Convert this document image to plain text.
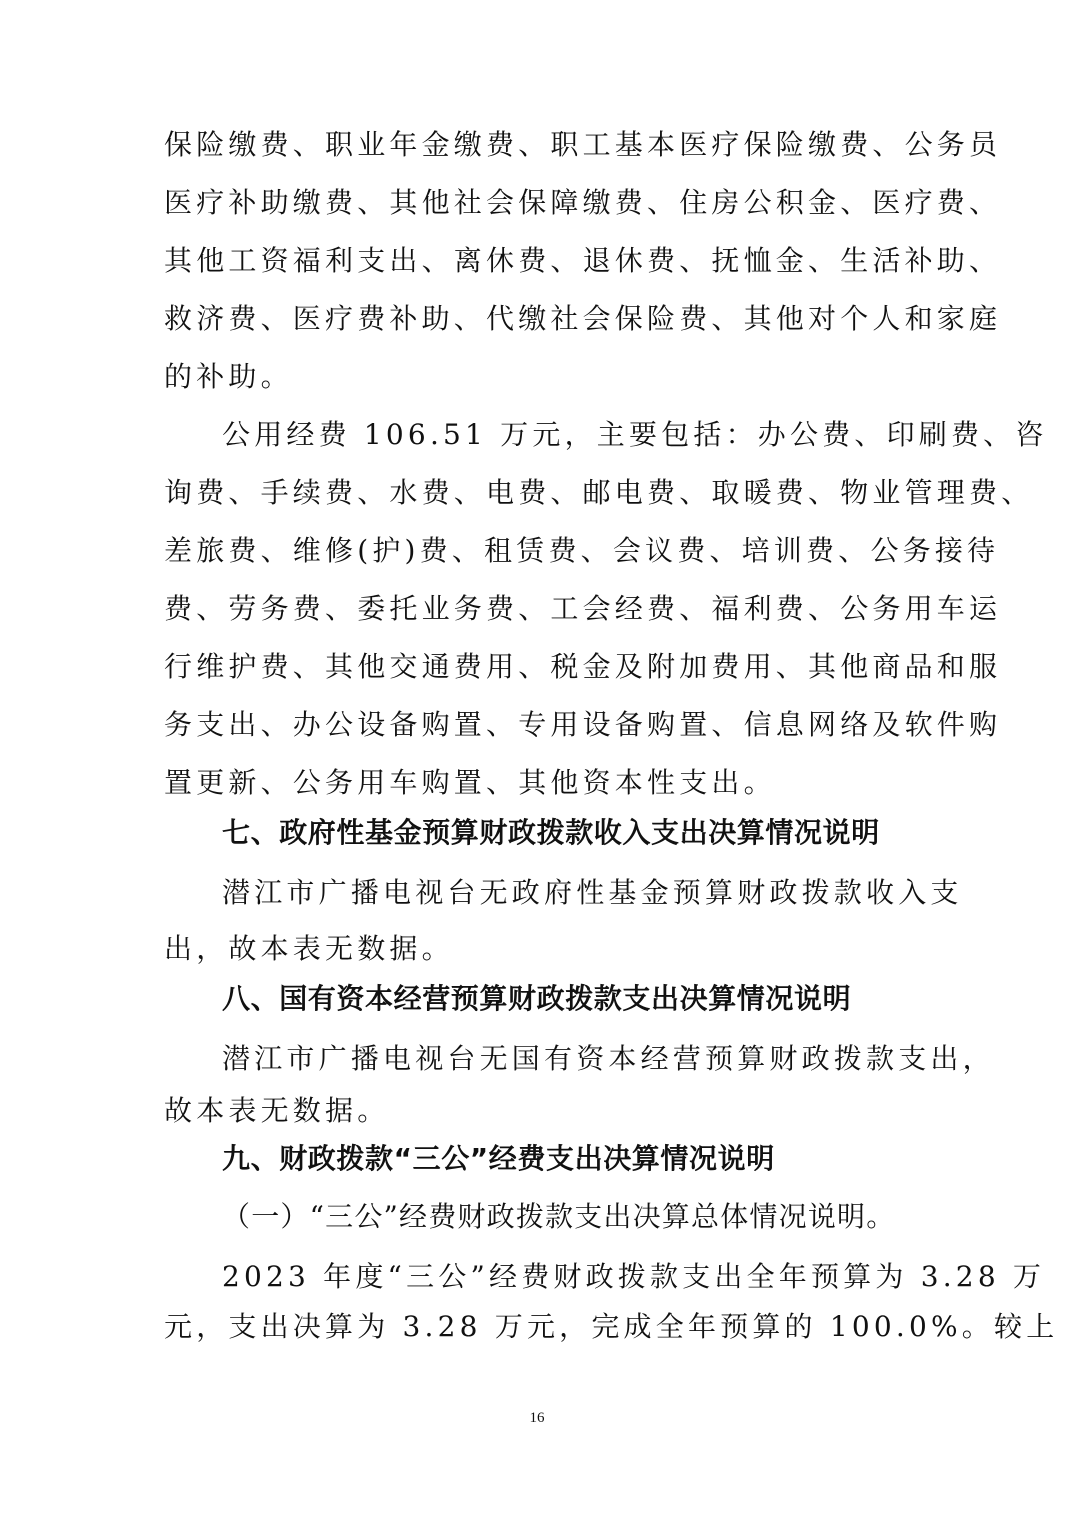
保险缴费、职业年金缴费、职工基本医疗保险缴费、公务员
医疗补助缴费、其他社会保障缴费、住房公积金、医疗费、
其他工资福利支出、离休费、退休费、抚恤金、生活补助、
救济费、医疗费补助、代缴社会保险费、其他对个人和家庭
的补助。
公用经费 106.51 万元，主要包括：办公费、印刷费、咨
询费、手续费、水费、电费、邮电费、取暖费、物业管理费、
差旅费、维修(护)费、租赁费、会议费、培训费、公务接待
费、劳务费、委托业务费、工会经费、福利费、公务用车运
行维护费、其他交通费用、税金及附加费用、其他商品和服
务支出、办公设备购置、专用设备购置、信息网络及软件购
置更新、公务用车购置、其他资本性支出。
七、政府性基金预算财政拨款收入支出决算情况说明
潜江市广播电视台无政府性基金预算财政拨款收入支
出，故本表无数据。
八、国有资本经营预算财政拨款支出决算情况说明
潜江市广播电视台无国有资本经营预算财政拨款支出，
故本表无数据。
九、财政拨款“三公”经费支出决算情况说明
（一）“三公”经费财政拨款支出决算总体情况说明。
2023 年度“三公”经费财政拨款支出全年预算为 3.28 万
元，支出决算为 3.28 万元，完成全年预算的 100.0%。较上
16
